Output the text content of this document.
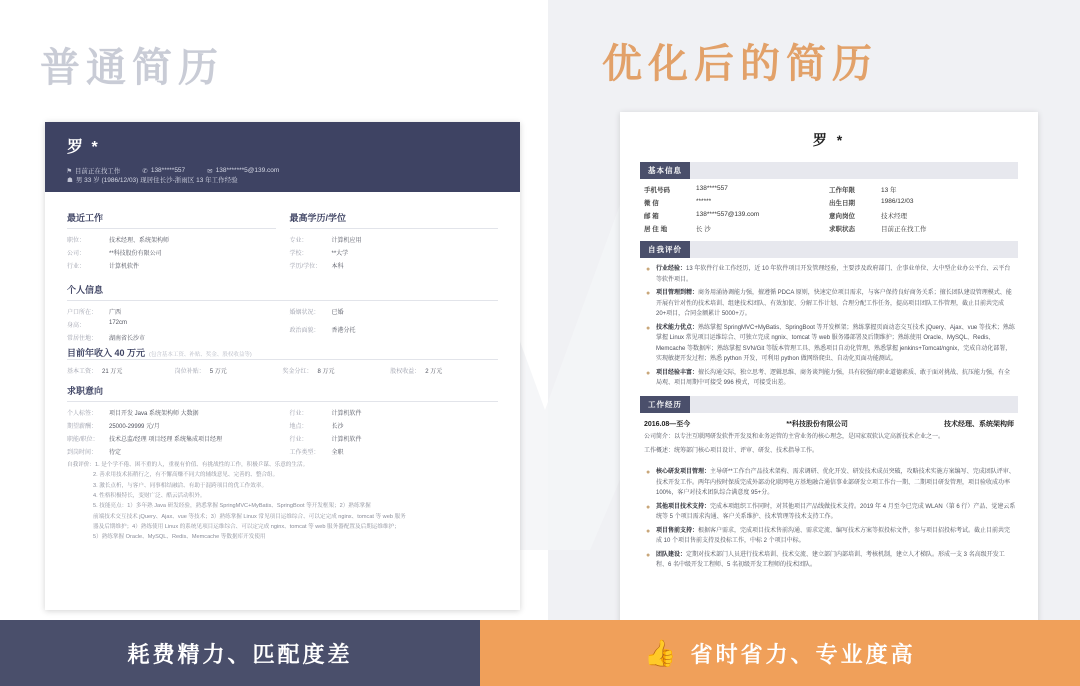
普通简历	优化后的简历
罗 *
⚑ 目前正在找工作	✆ 138*****557	✉ 138*******5@139.com
☗ 男 33 岁 (1986/12/03) 现居住长沙-浙雨区 13 年工作经验
最近工作
职位：	技术经理、系统架构师
公司：	**科技股份有限公司
行业：	计算机软件
最高学历/学位
专业：	计算机应用
学校：	**大学
学历/学位：	本科
个人信息
户口所在：	广西
身高：	172cm
常居住地：	湖南省长沙市
婚姻状况：	已婚
政治面貌：	香港分托
目前年收入 40 万元 (包含基本工资、补贴、奖金、股权收益等)
基本工资： 21 万元	岗位补贴： 5 万元	奖金分红： 8 万元	股权收益： 2 万元
求职意向
个人标签：	项目开发 Java 系统架构师 大数据
期望薪酬：	25000-29999 元/月
职能/职位：	技术总监/经理 项目经理 系统集成项目经理
行业：	计算机软件
地点：	长沙
行业：	计算机软件
到岗时间：	待定	工作类型：	全职

自我评价：1. 是个学不倦、困不重的人，重视有价值、有挑战性的工作，积极乒谋、乐意的生活。

2. 善求用技术拓稍行之，有不懈高赚不同大的辅线意见、完善的、整合组。

3. 激长点析，与客户、同事相结融洽、有助于混跨项目的优工作效率。

4. 性格积极特长，变财广泛、酷云活动积外。

5. 技能亮点：1）多年熟 Java 研发经验，熟悉掌握 SpringMVC+MyBatis、SpringBoot 等开发框架；2）熟练掌握

前端技术交互技术 jQuery、Ajax、vue 等技术；3）熟练掌握 Linux 常见项目运维综合、可以定完成 nginx、tomcat 等 web 服务

器及后期维护；4）熟练使用 Linux 的系统见项目运维综合、可以定完成 nginx、tomcat 等 web 服务器配置及后期运维维护；

5）熟练掌握 Oracle、MySQL、Redis、Memcache 等数据库开发使用

罗 *
基本信息
手机号码	138****557	工作年限	13 年
微 信	******	出生日期	1986/12/03
邮 箱	138****557@139.com	意向岗位	技术经理
居 住 地	长 沙	求职状态	目前正在找工作
自我评价
● 行业经验：13 年软件行业工作经历，近 10 年软件项目开发管理经验，主要涉及政府部门、企事业单位、大中型企业办公平台、云平台等软件项目。
● 项目管理到精：商务用涌协调能力强，擅遵循 PDCA 原则，快速定位项目需求，与客户保持良好商务关系；擅长团队建设管理模式、能开展有针对性的技术培训、组建技术团队、有效加促、分解工作计划、合理分配工作任务，提高项目团队工作管理，截止目前共完成 20+项目，合同金额累计 5000+万。
● 技术能力优点：熟练掌握 SpringMVC+MyBatis、SpringBoot 等开发框架；熟练掌握页面动态交互技术 jQuery、Ajax、vue 等技术；熟练掌握 Linux 常见项目运维综合、可独立完成 ngnix、tomcat 等 web 服务器部署及后期维护；熟练使用 Oracle、MySQL、Redis、Memcache 等数据库；熟练掌握 SVN/Git 等版本管理工具、熟悉项目自动化管理，熟悉掌握 jenkins+Tomcat/ngnix，完成自动化部署，实现敏捷开发过程；熟悉 python 开发，可利用 python 做网络爬虫、自动化页面功能测试。
● 项目经验丰富：擅长沟通交际，独立思考、逻辑思维、商务谈判能力强，具有较强的职业道德素质、敢于面对挑战、抗压能力强，有全局观、项目周期中可接受 996 模式，可接受出差。
工作经历
2016.08—至今	**科技股份有限公司	技术经理、系统架构师
公司简介：以专注互联网研发软件开发及和业务运管的主营业务的核心理念，是国家双软认定高新技术企业之一。
工作概述：统筹部门核心项目设计、评审、研发、技术指导工作。
● 核心研发项目管理：主导研**工作台产品技术架构、需求调研、优化开发、研发技术成员突破，攻略技术实施方案编写、完成团队评审、技术开发工作。两年内按时保质完成外部动化联网电方基地融合通信事业部研发立项工作台一期、二期项目研发管理，项目验收成功率 100%，客户对技术团队综合满意度 95+分。
● 其他项目技术支持：完成本项组织工作同时，对其他项目产品线做技术支持。2019 年 4 月至今已完成 WLAN（第 6 行）产品、觉建云系统等 5 个项目需求沟通、客户关系维护、技术管理等技术支持工作。
● 项目售前支持：根据客户需求，完成项目技术售前沟通、需求定流、编写技术方案等拟投标文件，参与项目招投标考试。截止目前共完成 10 个项目售前支持及投标工作，中标 2 个项目中标。
● 团队建设：定期对技术部门人员进行技术培训、技术交流、建立部门内部培训、考核机制，建立人才梯队。形成一支 3 名高级开发工程、6 名中级开发工程师、5 名初级开发工程师的技术团队。
耗费精力、匹配度差	👍 省时省力、专业度高
